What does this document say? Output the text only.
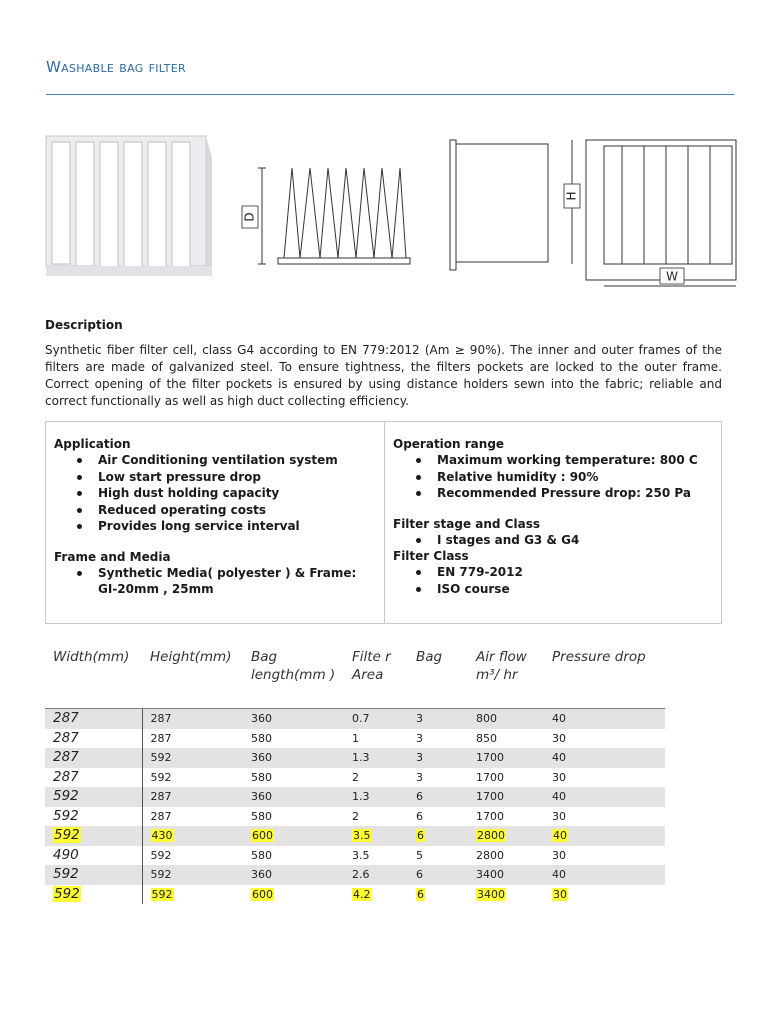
Washable bag filter
D
H
W
Description
Synthetic fiber filter cell, class G4 according to EN 779:2012 (Am ≥ 90%). The inner and outer frames of the filters are made of galvanized steel. To ensure tightness, the filters pockets are locked to the outer frame. Correct opening of the filter pockets is ensured by using distance holders sewn into the fabric; reliable and correct functionally as well as high duct collecting efficiency.
Application
Air Conditioning ventilation system
Low start pressure drop
High dust holding capacity
Reduced operating costs
Provides long service interval
Frame and Media
Synthetic Media( polyester ) & Frame: GI-20mm , 25mm
Operation range
Maximum working temperature: 800 C
Relative humidity : 90%
Recommended Pressure drop: 250 Pa
Filter stage and Class
I stages and G3 & G4
Filter Class
EN 779-2012
ISO course
Width(mm)	Height(mm)	Bag length(mm )	Filte r Area	Bag	Air flow m³/ hr	Pressure drop
287	287	360	0.7	3	800	40
287	287	580	1	3	850	30
287	592	360	1.3	3	1700	40
287	592	580	2	3	1700	30
592	287	360	1.3	6	1700	40
592	287	580	2	6	1700	30
592	430	600	3.5	6	2800	40
490	592	580	3.5	5	2800	30
592	592	360	2.6	6	3400	40
592	592	600	4.2	6	3400	30
